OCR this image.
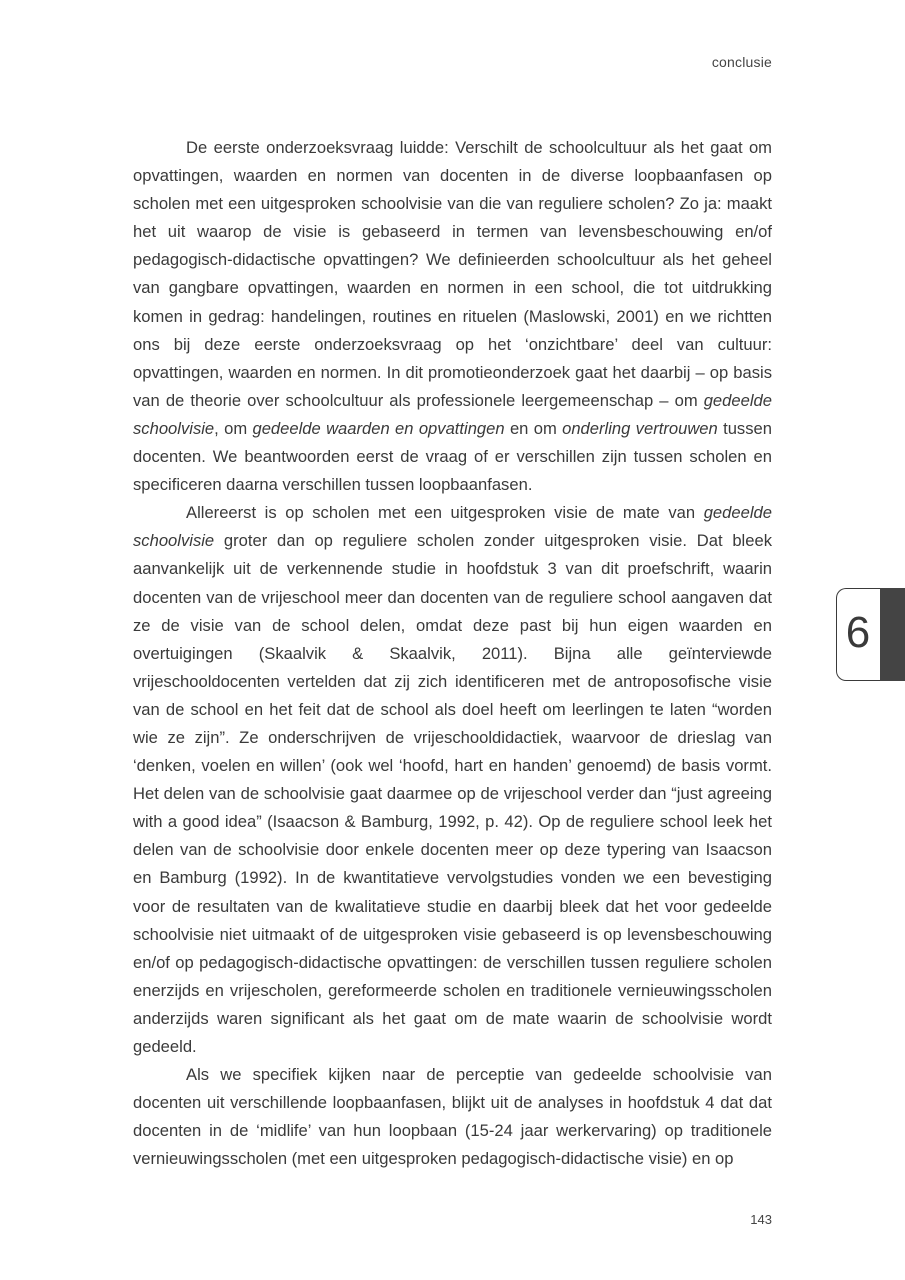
conclusie

De eerste onderzoeksvraag luidde: Verschilt de schoolcultuur als het gaat om opvattingen, waarden en normen van docenten in de diverse loopbaanfasen op scholen met een uitgesproken schoolvisie van die van reguliere scholen? Zo ja: maakt het uit waarop de visie is gebaseerd in termen van levensbeschouwing en/of pedagogisch-didactische opvattingen? We definieerden schoolcultuur als het geheel van gangbare opvattingen, waarden en normen in een school, die tot uitdrukking komen in gedrag: handelingen, routines en rituelen (Maslowski, 2001) en we richtten ons bij deze eerste onderzoeksvraag op het ‘onzichtbare’ deel van cultuur: opvattingen, waarden en normen. In dit promotieonderzoek gaat het daarbij – op basis van de theorie over schoolcultuur als professionele leergemeenschap – om gedeelde schoolvisie, om gedeelde waarden en opvattingen en om onderling vertrouwen tussen docenten. We beantwoorden eerst de vraag of er verschillen zijn tussen scholen en specificeren daarna verschillen tussen loopbaanfasen.

Allereerst is op scholen met een uitgesproken visie de mate van gedeelde schoolvisie groter dan op reguliere scholen zonder uitgesproken visie. Dat bleek aanvankelijk uit de verkennende studie in hoofdstuk 3 van dit proefschrift, waarin docenten van de vrijeschool meer dan docenten van de reguliere school aangaven dat ze de visie van de school delen, omdat deze past bij hun eigen waarden en overtuigingen (Skaalvik & Skaalvik, 2011). Bijna alle geïnterviewde vrijeschooldocenten vertelden dat zij zich identificeren met de antroposofische visie van de school en het feit dat de school als doel heeft om leerlingen te laten “worden wie ze zijn”. Ze onderschrijven de vrijeschooldidactiek, waarvoor de drieslag van ‘denken, voelen en willen’ (ook wel ‘hoofd, hart en handen’ genoemd) de basis vormt. Het delen van de schoolvisie gaat daarmee op de vrijeschool verder dan “just agreeing with a good idea” (Isaacson & Bamburg, 1992, p. 42). Op de reguliere school leek het delen van de schoolvisie door enkele docenten meer op deze typering van Isaacson en Bamburg (1992). In de kwantitatieve vervolgstudies vonden we een bevestiging voor de resultaten van de kwalitatieve studie en daarbij bleek dat het voor gedeelde schoolvisie niet uitmaakt of de uitgesproken visie gebaseerd is op levensbeschouwing en/of op pedagogisch-didactische opvattingen: de verschillen tussen reguliere scholen enerzijds en vrijescholen, gereformeerde scholen en traditionele vernieuwingsscholen anderzijds waren significant als het gaat om de mate waarin de schoolvisie wordt gedeeld.

Als we specifiek kijken naar de perceptie van gedeelde schoolvisie van docenten uit verschillende loopbaanfasen, blijkt uit de analyses in hoofdstuk 4 dat dat docenten in de ‘midlife’ van hun loopbaan (15-24 jaar werkervaring) op traditionele vernieuwingsscholen (met een uitgesproken pedagogisch-didactische visie) en op

6
143
